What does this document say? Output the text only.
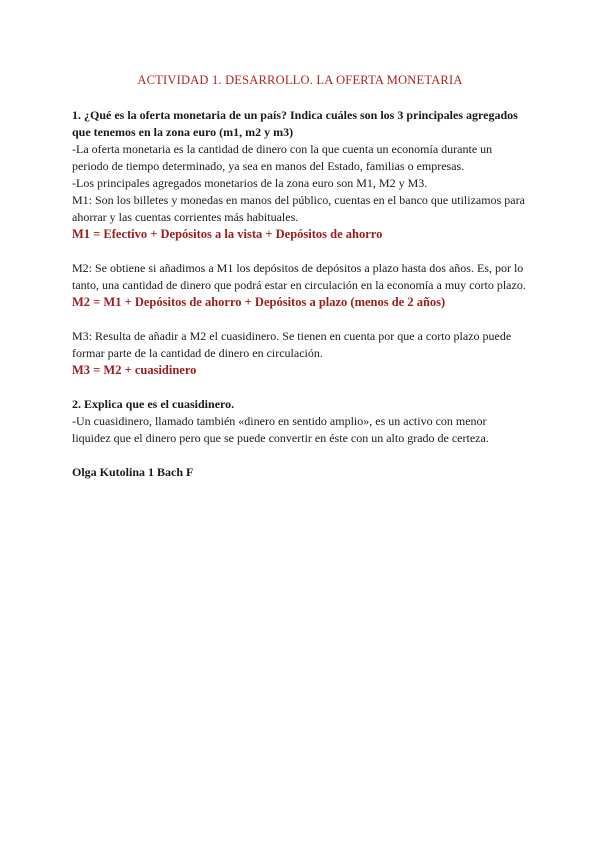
ACTIVIDAD 1. DESARROLLO. LA OFERTA MONETARIA

1. ¿Qué es la oferta monetaria de un país? Indica cuáles son los 3 principales agregados que tenemos en la zona euro (m1, m2 y m3)

-La oferta monetaria es la cantidad de dinero con la que cuenta un economía durante un periodo de tiempo determinado, ya sea en manos del Estado, familias o empresas.

-Los principales agregados monetarios de la zona euro son M1, M2 y M3.

M1: Son los billetes y monedas en manos del público, cuentas en el banco que utilizamos para ahorrar y las cuentas corrientes más habituales.

M1 = Efectivo + Depósitos a la vista + Depósitos de ahorro

M2: Se obtiene si añadimos a M1 los depósitos de depósitos a plazo hasta dos años. Es, por lo tanto, una cantidad de dinero que podrá estar en circulación en la economía a muy corto plazo.

M2 = M1 + Depósitos de ahorro + Depósitos a plazo (menos de 2 años)

M3: Resulta de añadir a M2 el cuasidinero. Se tienen en cuenta por que a corto plazo puede formar parte de la cantidad de dinero en circulación.

M3 = M2 + cuasidinero

2. Explica que es el cuasidinero.

-Un cuasidinero, llamado también «dinero en sentido amplio», es un activo con menor liquidez que el dinero pero que se puede convertir en éste con un alto grado de certeza.

Olga Kutolina 1 Bach F
